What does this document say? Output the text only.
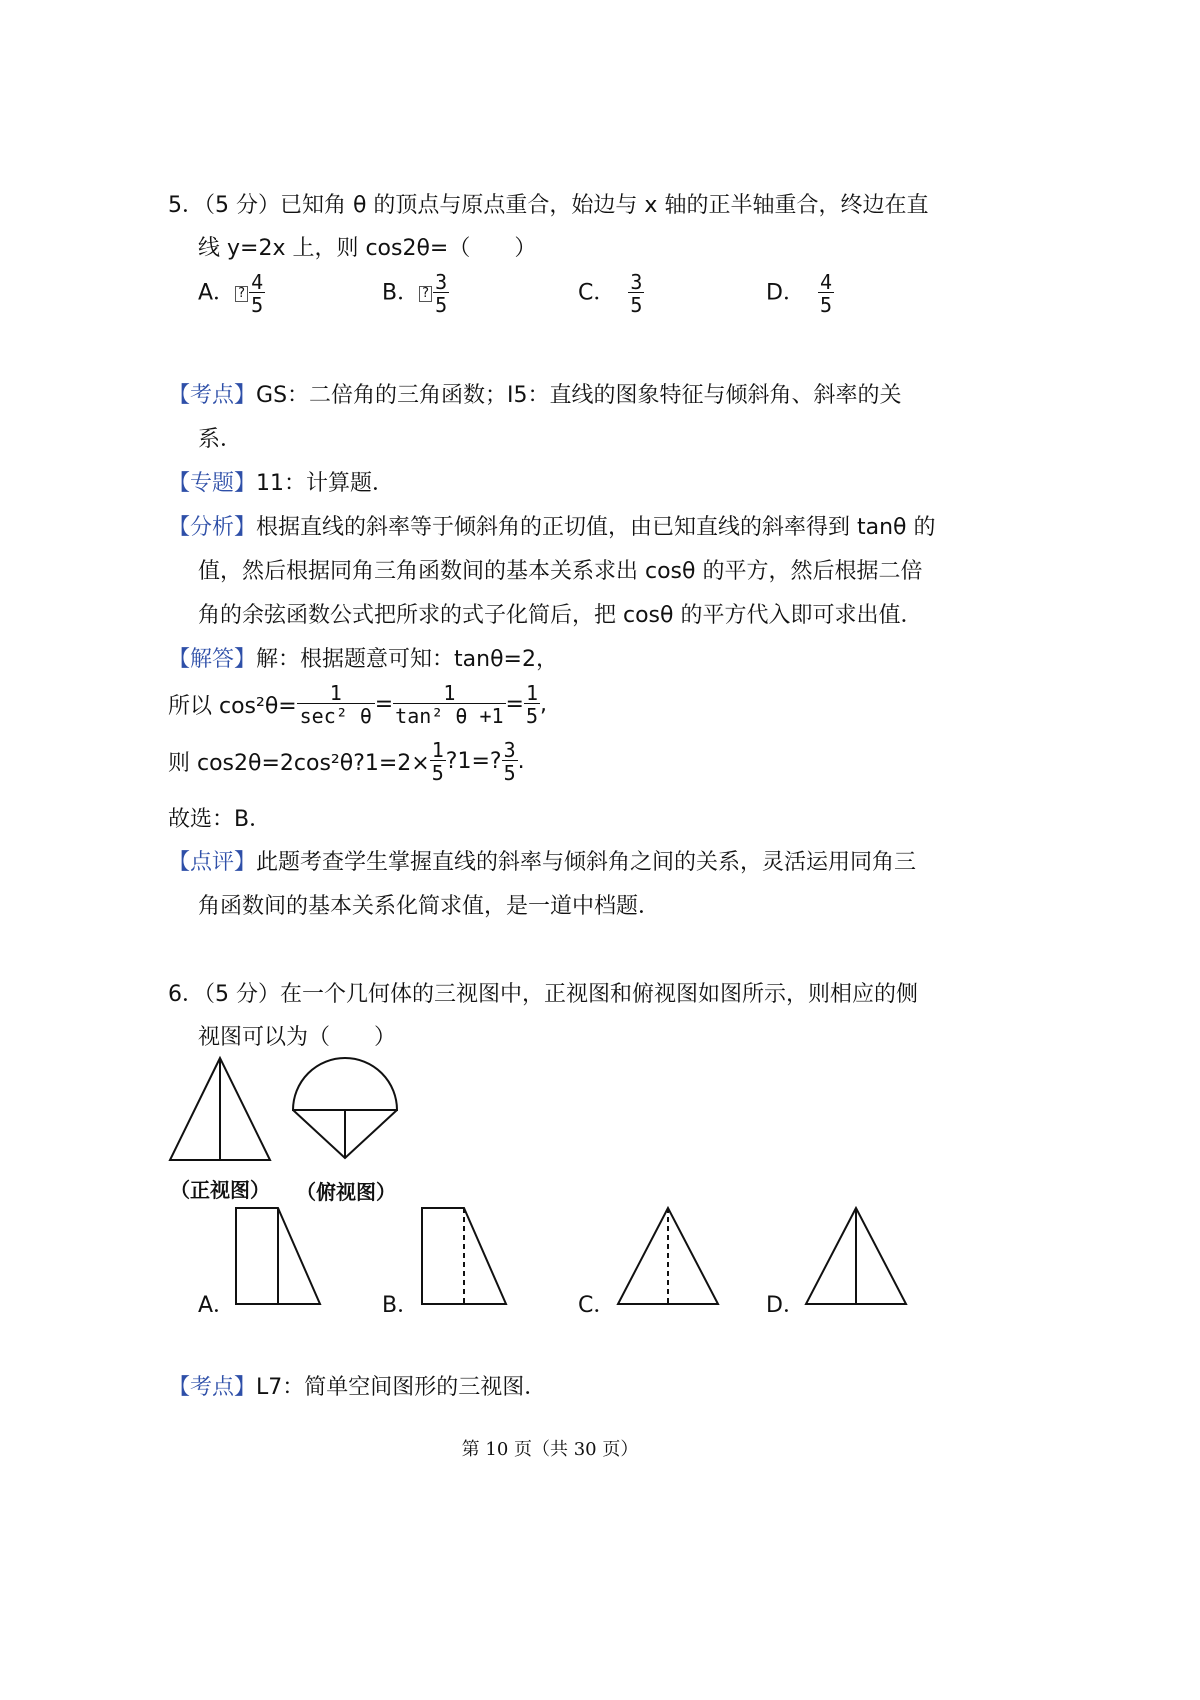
5．（5 分）已知角 θ 的顶点与原点重合，始边与 x 轴的正半轴重合，终边在直
线 y=2x 上，则 cos2θ=（　　）
A． ? $\frac{4}{5}$	B． ? $\frac{3}{5}$	C． $\frac{3}{5}$	D． $\frac{4}{5}$
【考点】GS：二倍角的三角函数；I5：直线的图象特征与倾斜角、斜率的关
系．
【专题】11：计算题．
【分析】根据直线的斜率等于倾斜角的正切值，由已知直线的斜率得到 tanθ 的
值，然后根据同角三角函数间的基本关系求出 cosθ 的平方，然后根据二倍
角的余弦函数公式把所求的式子化简后，把 cosθ 的平方代入即可求出值．
【解答】解：根据题意可知：tanθ=2，
所以 $\cos^2\theta= \frac{1}{\text{sec² θ}} = \frac{1}{\text{tan² θ +1}} = \frac{1}{5}$ ,
则 cos2θ=2cos²θ?1=2× $\frac{1}{5}$ ?1=? $\frac{3}{5}$ .
故选：B．
【点评】此题考查学生掌握直线的斜率与倾斜角之间的关系，灵活运用同角三
角函数间的基本关系化简求值，是一道中档题．
6．（5 分）在一个几何体的三视图中，正视图和俯视图如图所示，则相应的侧
视图可以为（　　）
（正视图） （俯视图）
A．	B．	C．	D．
【考点】L7：简单空间图形的三视图．
第 10 页（共 30 页）
